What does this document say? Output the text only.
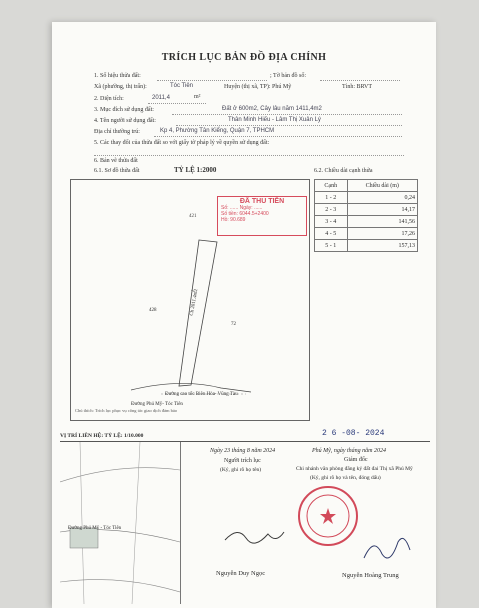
TRÍCH LỤC BẢN ĐỒ ĐỊA CHÍNH
1. Số hiệu thửa đất:	; Tờ bản đồ số:
Xã (phường, thị trấn):	Tóc Tiên	Huyện (thị xã, TP): Phú Mỹ	Tỉnh: BRVT
2. Diện tích:	2011,4	m²
3. Mục đích sử dụng đất:	Đất ở 600m2, Cây lâu năm 1411,4m2
4. Tên người sử dụng đất:	Thân Minh Hiếu - Lâm Thị Xuân Lý
Địa chỉ thường trú:	Kp 4, Phường Tân Kiểng, Quận 7, TPHCM
5. Các thay đổi của thửa đất so với giấy tờ pháp lý về quyền sử dụng đất:
6. Bản vẽ thửa đất
6.1. Sơ đồ thửa đất	TỶ LỆ 1:2000	6.2. Chiều dài cạnh thửa
Ch 2011.4m2
428
72
Đường cao tốc Biên Hòa- Vũng Tàu
Đường Phú Mỹ- Tóc Tiên
Chú thích: Trích lục phục vụ công tác giao dịch đảm bảo
ĐÃ THU TIỀN
Số: ...... Ngày: ......
Số tiền: 6044.5+2400
Hồ: 90.689
421
Cạnh	Chiều dài (m)
1 - 2	0,24
2 - 3	14,17
3 - 4	141,56
4 - 5	17,26
5 - 1	157,13
2 6 -08- 2024
VỊ TRÍ LIÊN HỆ: TỶ LỆ: 1/10.000
Đường Phú Mỹ - Tóc Tiên
Ngày 23 tháng 8 năm 2024
Người trích lục
(Ký, ghi rõ họ tên)
Nguyễn Duy Ngọc
Phú Mỹ, ngày tháng năm 2024
Giám đốc
Chi nhánh văn phòng đăng ký đất đai Thị xã Phú Mỹ
(Ký, ghi rõ họ và tên, đóng dấu)
Nguyễn Hoàng Trung
